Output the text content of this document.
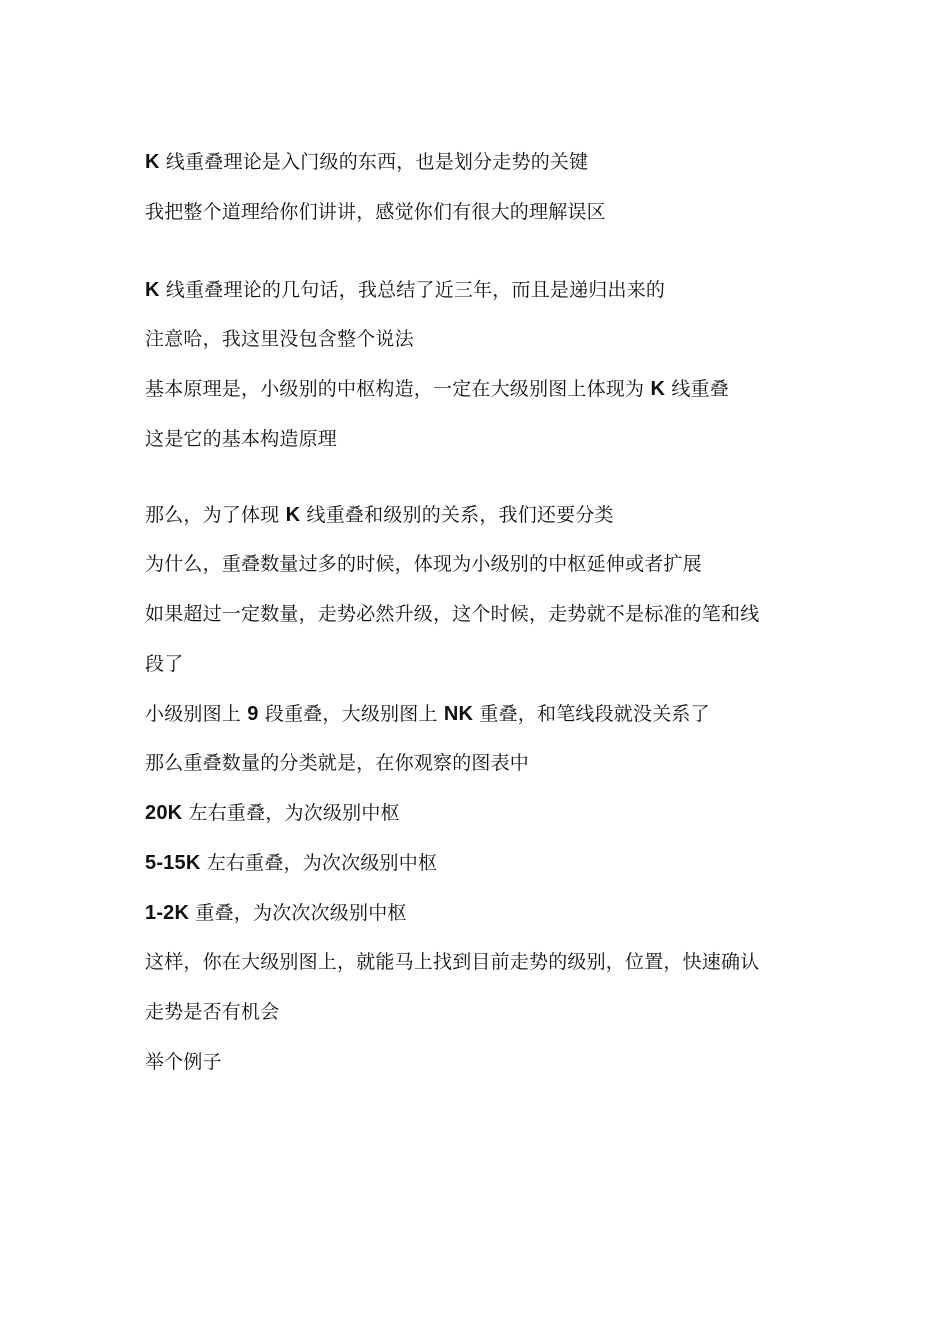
K 线重叠理论是入门级的东西，也是划分走势的关键
我把整个道理给你们讲讲，感觉你们有很大的理解误区
K 线重叠理论的几句话，我总结了近三年，而且是递归出来的
注意哈，我这里没包含整个说法
基本原理是，小级别的中枢构造，一定在大级别图上体现为 K 线重叠
这是它的基本构造原理
那么，为了体现 K 线重叠和级别的关系，我们还要分类
为什么，重叠数量过多的时候，体现为小级别的中枢延伸或者扩展
如果超过一定数量，走势必然升级，这个时候，走势就不是标准的笔和线
段了
小级别图上 9 段重叠，大级别图上 NK 重叠，和笔线段就没关系了
那么重叠数量的分类就是，在你观察的图表中
20K 左右重叠，为次级别中枢
5-15K 左右重叠，为次次级别中枢
1-2K 重叠，为次次次级别中枢
这样，你在大级别图上，就能马上找到目前走势的级别，位置，快速确认
走势是否有机会
举个例子
